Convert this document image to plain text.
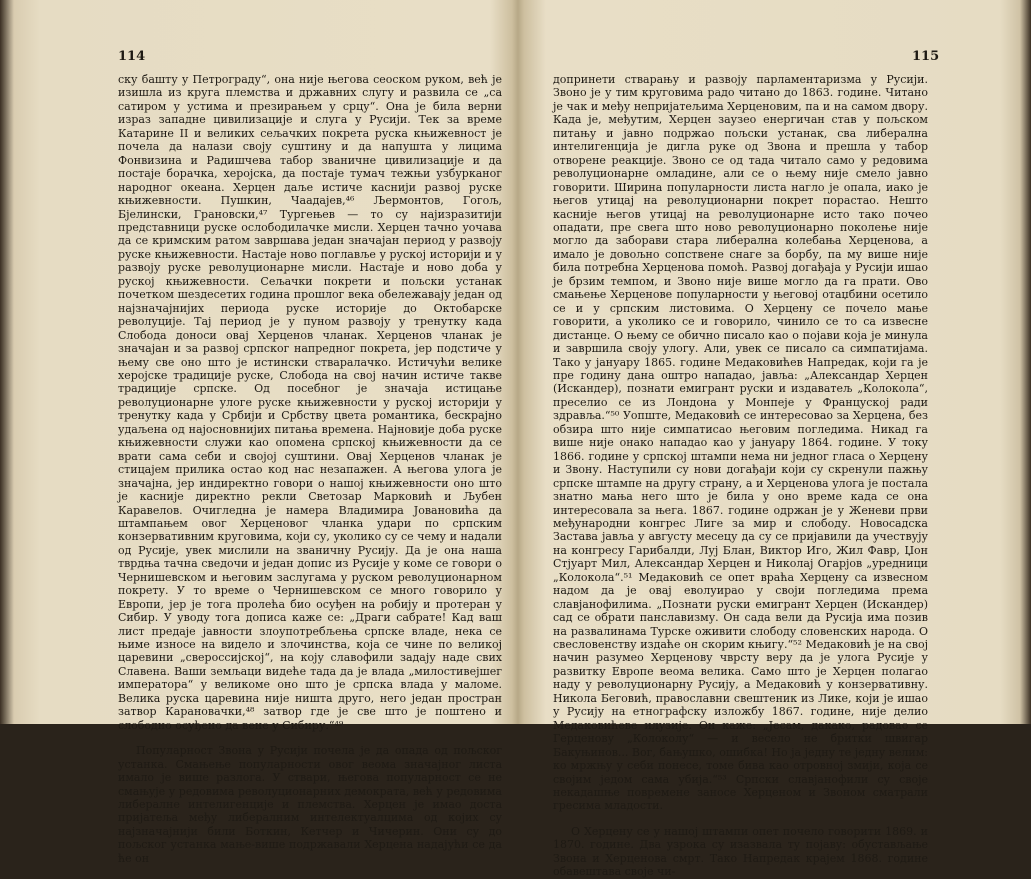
114

ску башту у Петрограду“, она није његова сеоском руком, већ је изишла из круга племства и државних слугу и развила се „са сатиром у устима и презирањем у срцу“. Она је била верни израз западне цивилизације и слуга у Русији. Тек за време Катарине II и великих сељачких покрета руска књижевност је почела да налази своју суштину и да напушта у лицима Фонвизина и Радишчева табор званичне цивилизације и да постаје борачка, херојска, да постаје тумач тежњи узбурканог народног океана. Херцен даље истиче каснији развој руске књижевности. Пушкин, Чаадајев,⁴⁶ Љермонтов, Гогољ, Бјелински, Грановски,⁴⁷ Тургењев — то су најизразитији представници руске ослободилачке мисли. Херцен тачно уочава да се кримским ратом завршава један значајан период у развоју руске књижевности. Настаје ново поглавље у руској историји и у развоју руске револуционарне мисли. Настаје и ново доба у руској књижевности. Сељачки покрети и пољски устанак почетком шездесетих година прошлог века обележавају један од најзначајнијих периода руске историје до Октобарске револуције. Тај период је у пуном развоју у тренутку када Слобода доноси овај Херценов чланак. Херценов чланак је значајан и за развој српског напредног покрета, јер подстиче у њему све оно што је истински стваралачко. Истичући велике херојске традиције руске, Слобода на свој начин истиче такве традиције српске. Од посебног је значаја истицање револуционарне улоге руске књижевности у руској историји у тренутку када у Србији и Србству цвета романтика, бескрајно удаљена од најосновнијих питања времена. Најновије доба руске књижевности служи као опомена српској књижевности да се врати сама себи и својој суштини. Овај Херценов чланак је стицајем прилика остао код нас незапажен. А његова улога је значајна, јер индиректно говори о нашој књижевности оно што је касније директно рекли Светозар Марковић и Љубен Каравелов. Очигледна је намера Владимира Јовановића да штампањем овог Херценовог чланка удари по српским конзервативним круговима, који су, уколико су се чему и надали од Русије, увек мислили на званичну Русију. Да је она наша тврдња тачна сведочи и један допис из Русије у коме се говори о Чернишевском и његовим заслугама у руском револуционарном покрету. У то време о Чернишевском се много говорило у Европи, јер је тога пролећа био осуђен на робију и протеран у Сибир. У уводу тога дописа каже се: „Драги сабрате! Кад ваш лист предаје јавности злоупотребљења српске владе, нека се њиме износе на видело и злочинства, која се чине по великој царевини „свероссијској“, на коју славофили задају наде свих Славена. Ваши земљаци видеће тада да је влада „милостивејшег императора“ у великоме оно што је српска влада у маломе. Велика руска царевина није ништа друго, него један простран затвор Карановачки,⁴⁸ затвор где је све што је поштено и слободно осуђено да вене у Сибиру.“⁴⁹

Популарност Звона у Русији почела је да опада од пољског устанка. Смањење популарности овог веома значајног листа имало је више разлога. У ствари, његова популарност се не смањује у редовима револуционарних демократа, већ у редовима либералне интелигенције и племства. Херцен је имао доста пријатеља међу либералним интелектуалцима од којих су најзначајнији били Боткин, Кетчер и Чичерин. Они су до пољског устанка мање-више подржавали Херцена надајући се да ће он

115

допринети стварању и развоју парламентаризма у Русији. Звоно је у тим круговима радо читано до 1863. године. Читано је чак и међу непријатељима Херценовим, па и на самом двору. Када је, међутим, Херцен заузео енергичан став у пољском питању и јавно подржао пољски устанак, сва либерална интелигенција је дигла руке од Звона и прешла у табор отворене реакције. Звоно се од тада читало само у редовима револуционарне омладине, али се о њему није смело јавно говорити. Ширина популарности листа нагло је опала, иако је његов утицај на револуционарни покрет порастао. Нешто касније његов утицај на револуционарне исто тако почео опадати, пре свега што ново револуционарно поколење није могло да заборави стара либерална колебања Херценова, а имало је довољно сопствене снаге за борбу, па му више није била потребна Херценова помоћ. Развој догађаја у Русији ишао је брзим темпом, и Звоно није више могло да га прати. Ово смањење Херценове популарности у његовој отаџбини осетило се и у српским листовима. О Херцену се почело мање говорити, а уколико се и говорило, чинило се то са извесне дистанце. О њему се обично писало као о појави која је минула и завршила своју улогу. Али, увек се писало са симпатијама. Тако у јануару 1865. године Медаковићев Напредак, који га је пре годину дана оштро нападао, јавља: „Александар Херцен (Искандер), познати емигрант руски и издаватељ „Колокола“, преселио се из Лондона у Монпеје у Француској ради здравља.“⁵⁰ Уопште, Медаковић се интересовао за Херцена, без обзира што није симпатисао његовим погледима. Никад га више није онако нападао као у јануару 1864. године. У току 1866. године у српској штампи нема ни једног гласа о Херцену и Звону. Наступили су нови догађаји који су скренули пажњу српске штампе на другу страну, а и Херценова улога је постала знатно мања него што је била у оно време када се она интересовала за њега. 1867. године одржан је у Женеви први међународни конгрес Лиге за мир и слободу. Новосадска Застава јавља у августу месецу да су се пријавили да учествују на конгресу Гарибалди, Луј Блан, Виктор Иго, Жил Фавр, Џон Стјуарт Мил, Александар Херцен и Николај Огарјов „уредници „Колокола“.⁵¹ Медаковић се опет враћа Херцену са извесном надом да је овај еволуирао у своји погледима према славјанофилима. „Познати руски емигрант Херцен (Искандер) сад се обрати панславизму. Он сада вели да Русија има позив на развалинама Турске оживити слободу словенских народа. О свесловенству издаће он скорим књигу.“⁵² Медаковић је на свој начин разумео Херценову чврсту веру да је улога Русије у развитку Европе веома велика. Само што је Херцен полагао наду у револуционарну Русију, а Медаковић у конзервативну. Никола Беговић, православни свештеник из Лике, који је ишао у Русију на етнографску изложбу 1867. године, није делио Медаковићеве илузије. Он каже: „Јесам, дакако, радовао се Герценову „Колоколу“ — и весело не бритки швигар Бакуњинов... Вог, бањушко, ошибка! Но ја једну те једну велим: ко мржњу у себи понесе, томе бива као отровној змији, која се својим једом сама убија.“⁵³ Српски славјанофили су своје некадашње повремене заносе Херценом и Звоном сматрали гресима младости.

О Херцену се у нашој штампи опет почело говорити 1869. и 1870. године. Два узрока су изазвала ту појаву: обустављање Звона и Херценова смрт. Тако Напредак крајем 1868. године обавештава своје чи-
